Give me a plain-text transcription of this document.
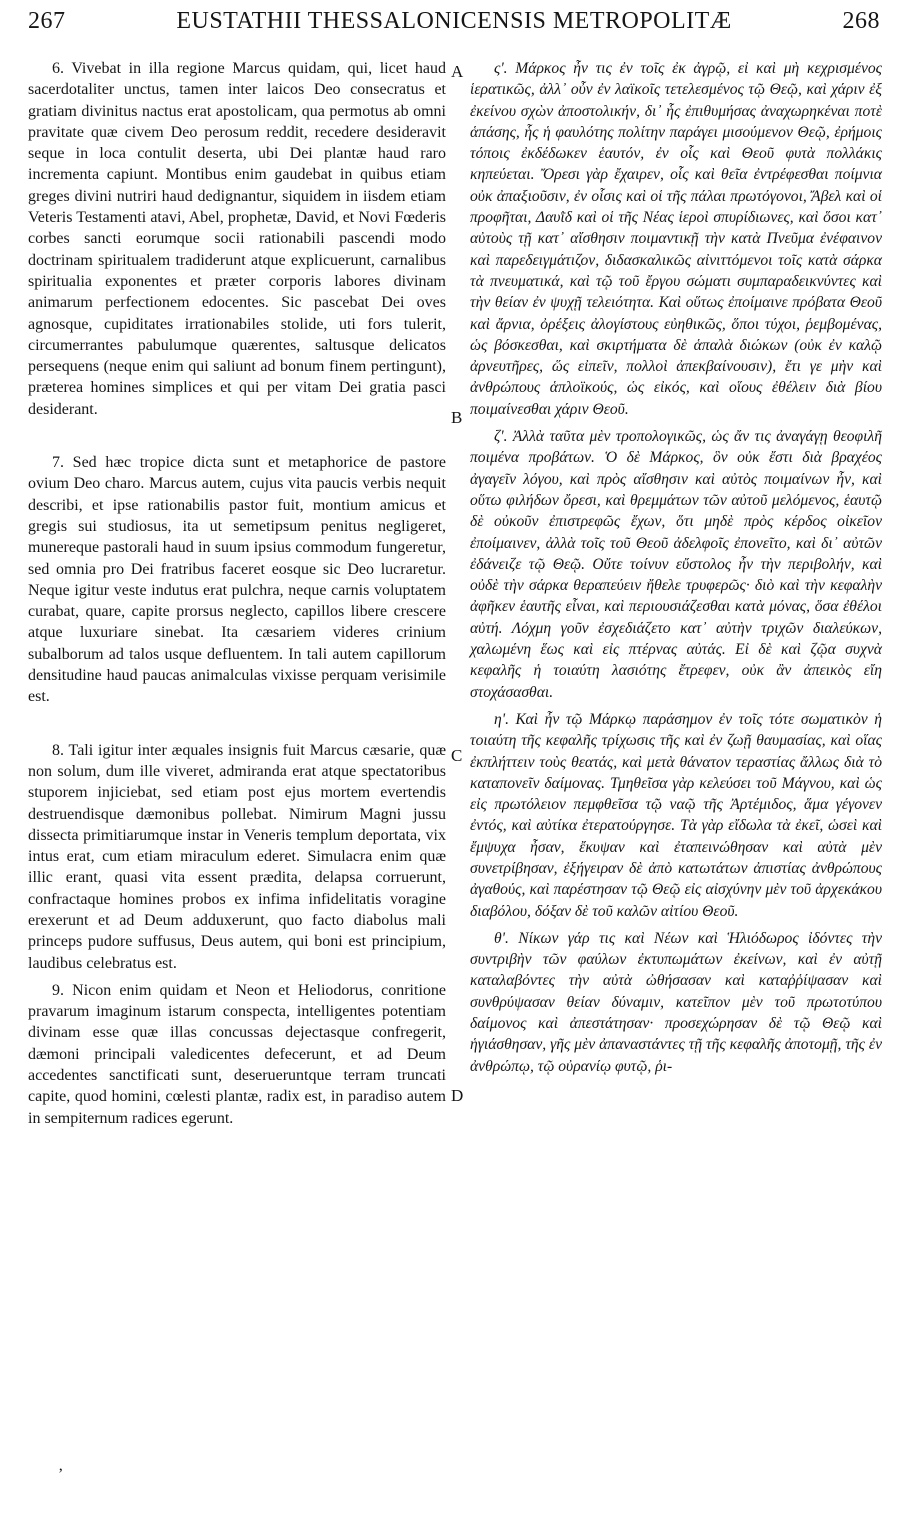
267	EUSTATHII THESSALONICENSIS METROPOLITÆ	268

6. Vivebat in illa regione Marcus quidam, qui, licet haud sacerdotaliter unctus, tamen inter laicos Deo consecratus et gratiam divinitus nactus erat apostolicam, qua permotus ab omni pravitate quæ civem Deo perosum reddit, recedere desideravit seque in loca contulit deserta, ubi Dei plantæ haud raro incrementa capiunt. Montibus enim gaudebat in quibus etiam greges divini nutriri haud dedignantur, siquidem in iisdem etiam Veteris Testamenti atavi, Abel, prophetæ, David, et Novi Fœderis corbes sancti eorumque socii rationabili pascendi modo doctrinam spiritualem tradiderunt atque explicuerunt, carnalibus spiritualia exponentes et præter corporis labores divinam animarum perfectionem edocentes. Sic pascebat Dei oves agnosque, cupiditates irrationabiles stolide, uti fors tulerit, circumerrantes pabulumque quærentes, saltusque delicatos persequens (neque enim qui saliunt ad bonum finem pertingunt), præterea homines simplices et qui per vitam Dei gratia pasci desiderant.

7. Sed hæc tropice dicta sunt et metaphorice de pastore ovium Deo charo. Marcus autem, cujus vita paucis verbis nequit describi, et ipse rationabilis pastor fuit, montium amicus et gregis sui studiosus, ita ut semetipsum penitus negligeret, munereque pastorali haud in suum ipsius commodum fungeretur, sed omnia pro Dei fratribus faceret eosque sic Deo lucraretur. Neque igitur veste indutus erat pulchra, neque carnis voluptatem curabat, quare, capite prorsus neglecto, capillos libere crescere atque luxuriare sinebat. Ita cæsariem videres crinium subalborum ad talos usque defluentem. In tali autem capillorum densitudine haud paucas animalculas vixisse perquam verisimile est.

8. Tali igitur inter æquales insignis fuit Marcus cæsarie, quæ non solum, dum ille viveret, admiranda erat atque spectatoribus stuporem injiciebat, sed etiam post ejus mortem evertendis destruendisque dæmonibus pollebat. Nimirum Magni jussu dissecta primitiarumque instar in Veneris templum deportata, vix intus erat, cum etiam miraculum ederet. Simulacra enim quæ illic erant, quasi vita essent prædita, delapsa corruerunt, confractaque homines probos ex infima infidelitatis voragine erexerunt et ad Deum adduxerunt, quo facto diabolus mali princeps pudore suffusus, Deus autem, qui boni est principium, laudibus celebratus est.

9. Nicon enim quidam et Neon et Heliodorus, conritione pravarum imaginum istarum conspecta, intelligentes potentiam divinam esse quæ illas concussas dejectasque confregerit, dæmoni principali valedicentes defecerunt, et ad Deum accedentes sanctificati sunt, deserueruntque terram truncati capite, quod homini, cœlesti plantæ, radix est, in paradiso autem in sempiternum radices egerunt.

A
B
C
D

ς'. Μάρκος ἦν τις ἐν τοῖς ἐκ ἀγρῷ, εἰ καὶ μὴ κεχρισμένος ἱερατικῶς, ἀλλ᾽ οὖν ἐν λαϊκοῖς τετελεσμένος τῷ Θεῷ, καὶ χάριν ἐξ ἐκείνου σχὼν ἀποστολικήν, δι᾽ ἧς ἐπιθυμήσας ἀναχωρηκέναι ποτὲ ἁπάσης, ἧς ἡ φαυλότης πολίτην παράγει μισούμενον Θεῷ, ἐρήμοις τόποις ἐκδέδωκεν ἑαυτόν, ἐν οἷς καὶ Θεοῦ φυτὰ πολλάκις κηπεύεται. Ὄρεσι γὰρ ἔχαιρεν, οἷς καὶ θεῖα ἐντρέφεσθαι ποίμνια οὐκ ἀπαξιοῦσιν, ἐν οἷσις καὶ οἱ τῆς πάλαι πρωτόγονοι, Ἄβελ καὶ οἱ προφῆται, Δαυῒδ καὶ οἱ τῆς Νέας ἱεροὶ σπυρίδιωνες, καὶ ὅσοι κατ᾽ αὐτοὺς τῇ κατ᾽ αἴσθησιν ποιμαντικῇ τὴν κατὰ Πνεῦμα ἐνέφαινον καὶ παρεδειγμάτιζον, διδασκαλικῶς αἰνιττόμενοι τοῖς κατὰ σάρκα τὰ πνευματικά, καὶ τῷ τοῦ ἔργου σώματι συμπαραδεικνύντες καὶ τὴν θείαν ἐν ψυχῇ τελειότητα. Καὶ οὕτως ἐποίμαινε πρόβατα Θεοῦ καὶ ἄρνια, ὀρέξεις ἀλογίστους εὐηθικῶς, ὅποι τύχοι, ῥεμβομένας, ὡς βόσκεσθαι, καὶ σκιρτήματα δὲ ἁπαλὰ διώκων (οὐκ ἐν καλῷ ἀρνευτῆρες, ὥς εἰπεῖν, πολλοὶ ἀπεκβαίνουσιν), ἔτι γε μὴν καὶ ἀνθρώπους ἁπλοϊκούς, ὡς εἰκός, καὶ οἵους ἐθέλειν διὰ βίου ποιμαίνεσθαι χάριν Θεοῦ.

ζ'. Ἀλλὰ ταῦτα μὲν τροπολογικῶς, ὡς ἄν τις ἀναγάγῃ θεοφιλῆ ποιμένα προβάτων. Ὁ δὲ Μάρκος, ὃν οὐκ ἔστι διὰ βραχέος ἀγαγεῖν λόγου, καὶ πρὸς αἴσθησιν καὶ αὐτὸς ποιμαίνων ἦν, καὶ οὕτω φιλήδων ὄρεσι, καὶ θρεμμάτων τῶν αὐτοῦ μελόμενος, ἑαυτῷ δὲ οὐκοῦν ἐπιστρεφῶς ἔχων, ὅτι μηδὲ πρὸς κέρδος οἰκεῖον ἐποίμαινεν, ἀλλὰ τοῖς τοῦ Θεοῦ ἀδελφοῖς ἐπονεῖτο, καὶ δι᾽ αὐτῶν ἐδάνειζε τῷ Θεῷ. Οὔτε τοίνυν εὔστολος ἦν τὴν περιβολήν, καὶ οὐδὲ τὴν σάρκα θεραπεύειν ἤθελε τρυφερῶς· διὸ καὶ τὴν κεφαλὴν ἀφῆκεν ἑαυτῆς εἶναι, καὶ περιουσιάζεσθαι κατὰ μόνας, ὅσα ἐθέλοι αὐτή. Λόχμη γοῦν ἐσχεδιάζετο κατ᾽ αὐτὴν τριχῶν διαλεύκων, χαλωμένη ἕως καὶ εἰς πτέρνας αὐτάς. Εἰ δὲ καὶ ζῷα συχνὰ κεφαλῆς ἡ τοιαύτη λασιότης ἔτρεφεν, οὐκ ἂν ἀπεικὸς εἴη στοχάσασθαι.

η'. Καὶ ἦν τῷ Μάρκῳ παράσημον ἐν τοῖς τότε σωματικὸν ἡ τοιαύτη τῆς κεφαλῆς τρίχωσις τῆς καὶ ἐν ζωῇ θαυμασίας, καὶ οἵας ἐκπλήττειν τοὺς θεατάς, καὶ μετὰ θάνατον τεραστίας ἄλλως διὰ τὸ καταπονεῖν δαίμονας. Τμηθεῖσα γὰρ κελεύσει τοῦ Μάγνου, καὶ ὡς εἰς πρωτόλειον πεμφθεῖσα τῷ ναῷ τῆς Ἀρτέμιδος, ἅμα γέγονεν ἐντός, καὶ αὐτίκα ἐτερατούργησε. Τὰ γὰρ εἴδωλα τὰ ἐκεῖ, ὡσεὶ καὶ ἔμψυχα ἦσαν, ἔκυψαν καὶ ἐταπεινώθησαν καὶ αὐτὰ μὲν συνετρίβησαν, ἐξήγειραν δὲ ἀπὸ κατωτάτων ἀπιστίας ἀνθρώπους ἀγαθούς, καὶ παρέστησαν τῷ Θεῷ εἰς αἰσχύνην μὲν τοῦ ἀρχεκάκου διαβόλου, δόξαν δὲ τοῦ καλῶν αἰτίου Θεοῦ.

θ'. Νίκων γάρ τις καὶ Νέων καὶ Ἡλιόδωρος ἰδόντες τὴν συντριβὴν τῶν φαύλων ἐκτυπωμάτων ἐκείνων, καὶ ἐν αὐτῇ καταλαβόντες τὴν αὐτὰ ὠθήσασαν καὶ καταῤῥίψασαν καὶ συνθρύψασαν θείαν δύναμιν, κατεῖπον μὲν τοῦ πρωτοτύπου δαίμονος καὶ ἀπεστάτησαν· προσεχώρησαν δὲ τῷ Θεῷ καὶ ἡγιάσθησαν, γῆς μὲν ἀπαναστάντες τῇ τῆς κεφαλῆς ἀποτομῇ, τῆς ἐν ἀνθρώπῳ, τῷ οὐρανίῳ φυτῷ, ῥι-

ʼ
